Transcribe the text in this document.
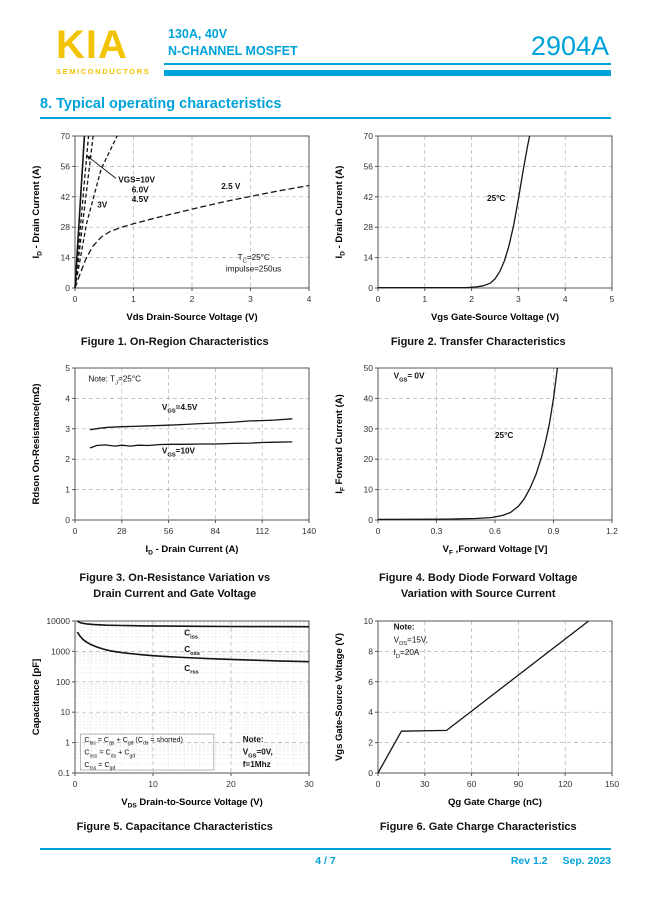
KIA
SEMICONDUCTORS
130A, 40V
N-CHANNEL MOSFET	2904A
8. Typical operating characteristics
0	1	2	3	4
0
14
28
42
56
70
VGS=10V
6.0V
4.5V
3V
2.5 V
$T_C=25^\circ C$
impulse=250us
Vds Drain-Source Voltage (V)
$I_D$ - Drain Current (A)
Figure 1. On-Region Characteristics
0	1	2	3	4	5
0
14
28
42
56
70
25°C
Vgs Gate-Source Voltage (V)
$I_D$ - Drain Current (A)
Figure 2. Transfer Characteristics
0	28	56	84	112	140
0
1
2
3
4
5
Note: $T_J=25^\circ C$
$V_{GS}=4.5V$
$V_{GS}=10V$
$I_D$ - Drain Current (A)
Rdson On-Resistance(mΩ)
Figure 3. On-Resistance Variation vs
Drain Current and Gate Voltage
0	0.3	0.6	0.9	1.2
0
10
20
30
40
50
$V_{GS}= 0V$
25°C
$V_F$ ,Forward Voltage [V]
$I_F$ Forward Current (A)
Figure 4. Body Diode Forward Voltage
Variation with Source Current
0	10	20	30
0.1
1
10
100
1000
10000
$C_{iss}$
$C_{oss}$
$C_{rss}$
$C_{iss} = C_{gs} + C_{gd}$ ($C_{ds}$ = shorted)
$C_{oss} = C_{ds} + C_{gd}$
$C_{rss} = C_{gd}$
Note:
$V_{GS}=0V$,
f=1Mhz
$V_{DS}$ Drain-to-Source Voltage (V)
Capacitance [pF]
Figure 5. Capacitance Characteristics
0	30	60	90	120	150
0
2
4
6
8
10
Note:
$V_{DS}=15V$,
$I_D=20A$
Qg Gate Charge (nC)
Vgs Gate-Source Voltage (V)
Figure 6. Gate Charge Characteristics
4 / 7	Rev 1.2 Sep. 2023
